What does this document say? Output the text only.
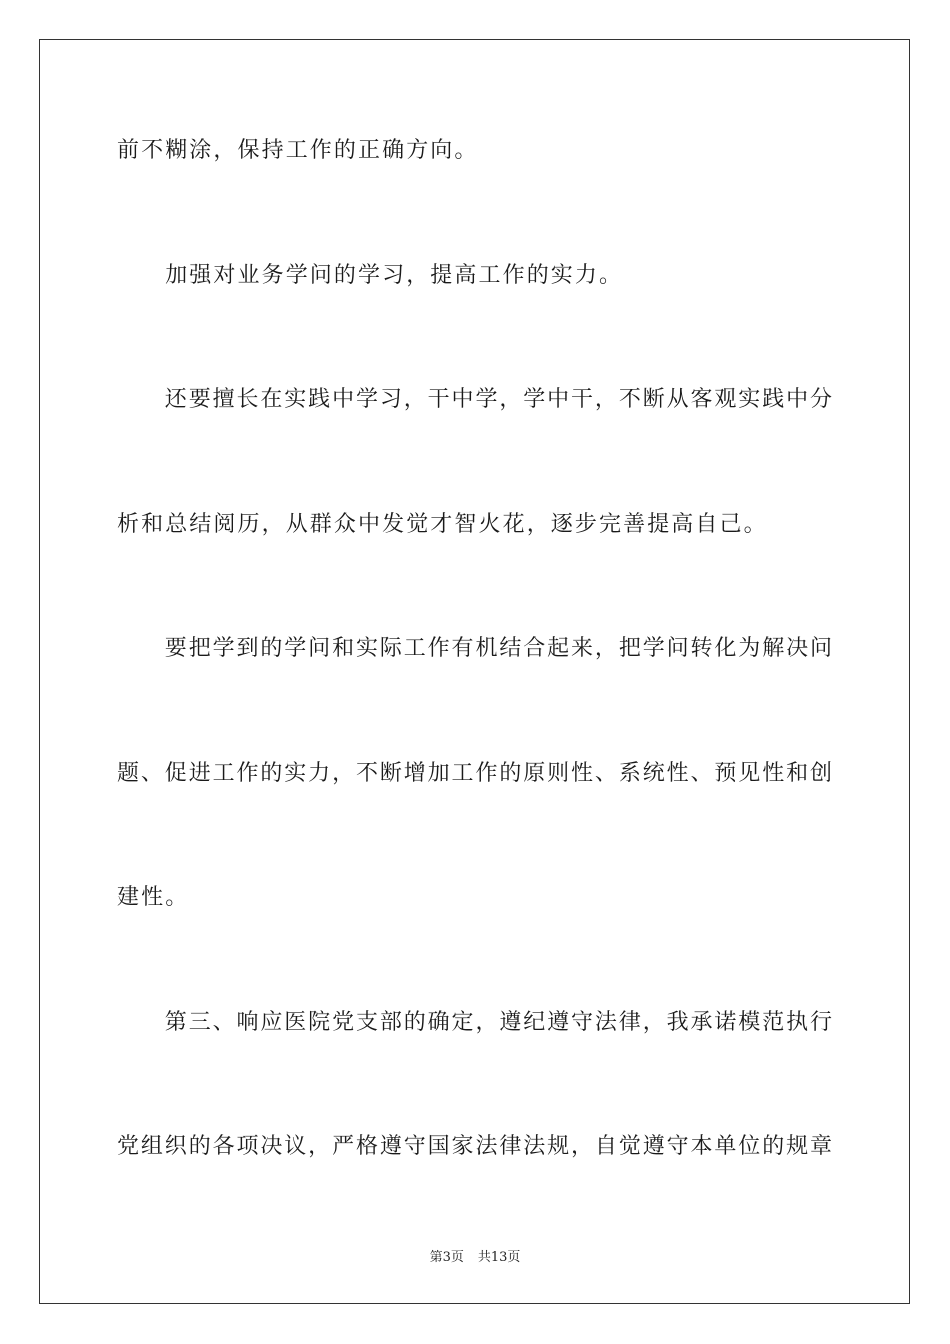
前不糊涂，保持工作的正确方向。

　　加强对业务学问的学习，提高工作的实力。

　　还要擅长在实践中学习，干中学，学中干，不断从客观实践中分

析和总结阅历，从群众中发觉才智火花，逐步完善提高自己。

　　要把学到的学问和实际工作有机结合起来，把学问转化为解决问

题、促进工作的实力，不断增加工作的原则性、系统性、预见性和创

建性。

　　第三、响应医院党支部的确定，遵纪遵守法律，我承诺模范执行

党组织的各项决议，严格遵守国家法律法规，自觉遵守本单位的规章

第3页 共13页
